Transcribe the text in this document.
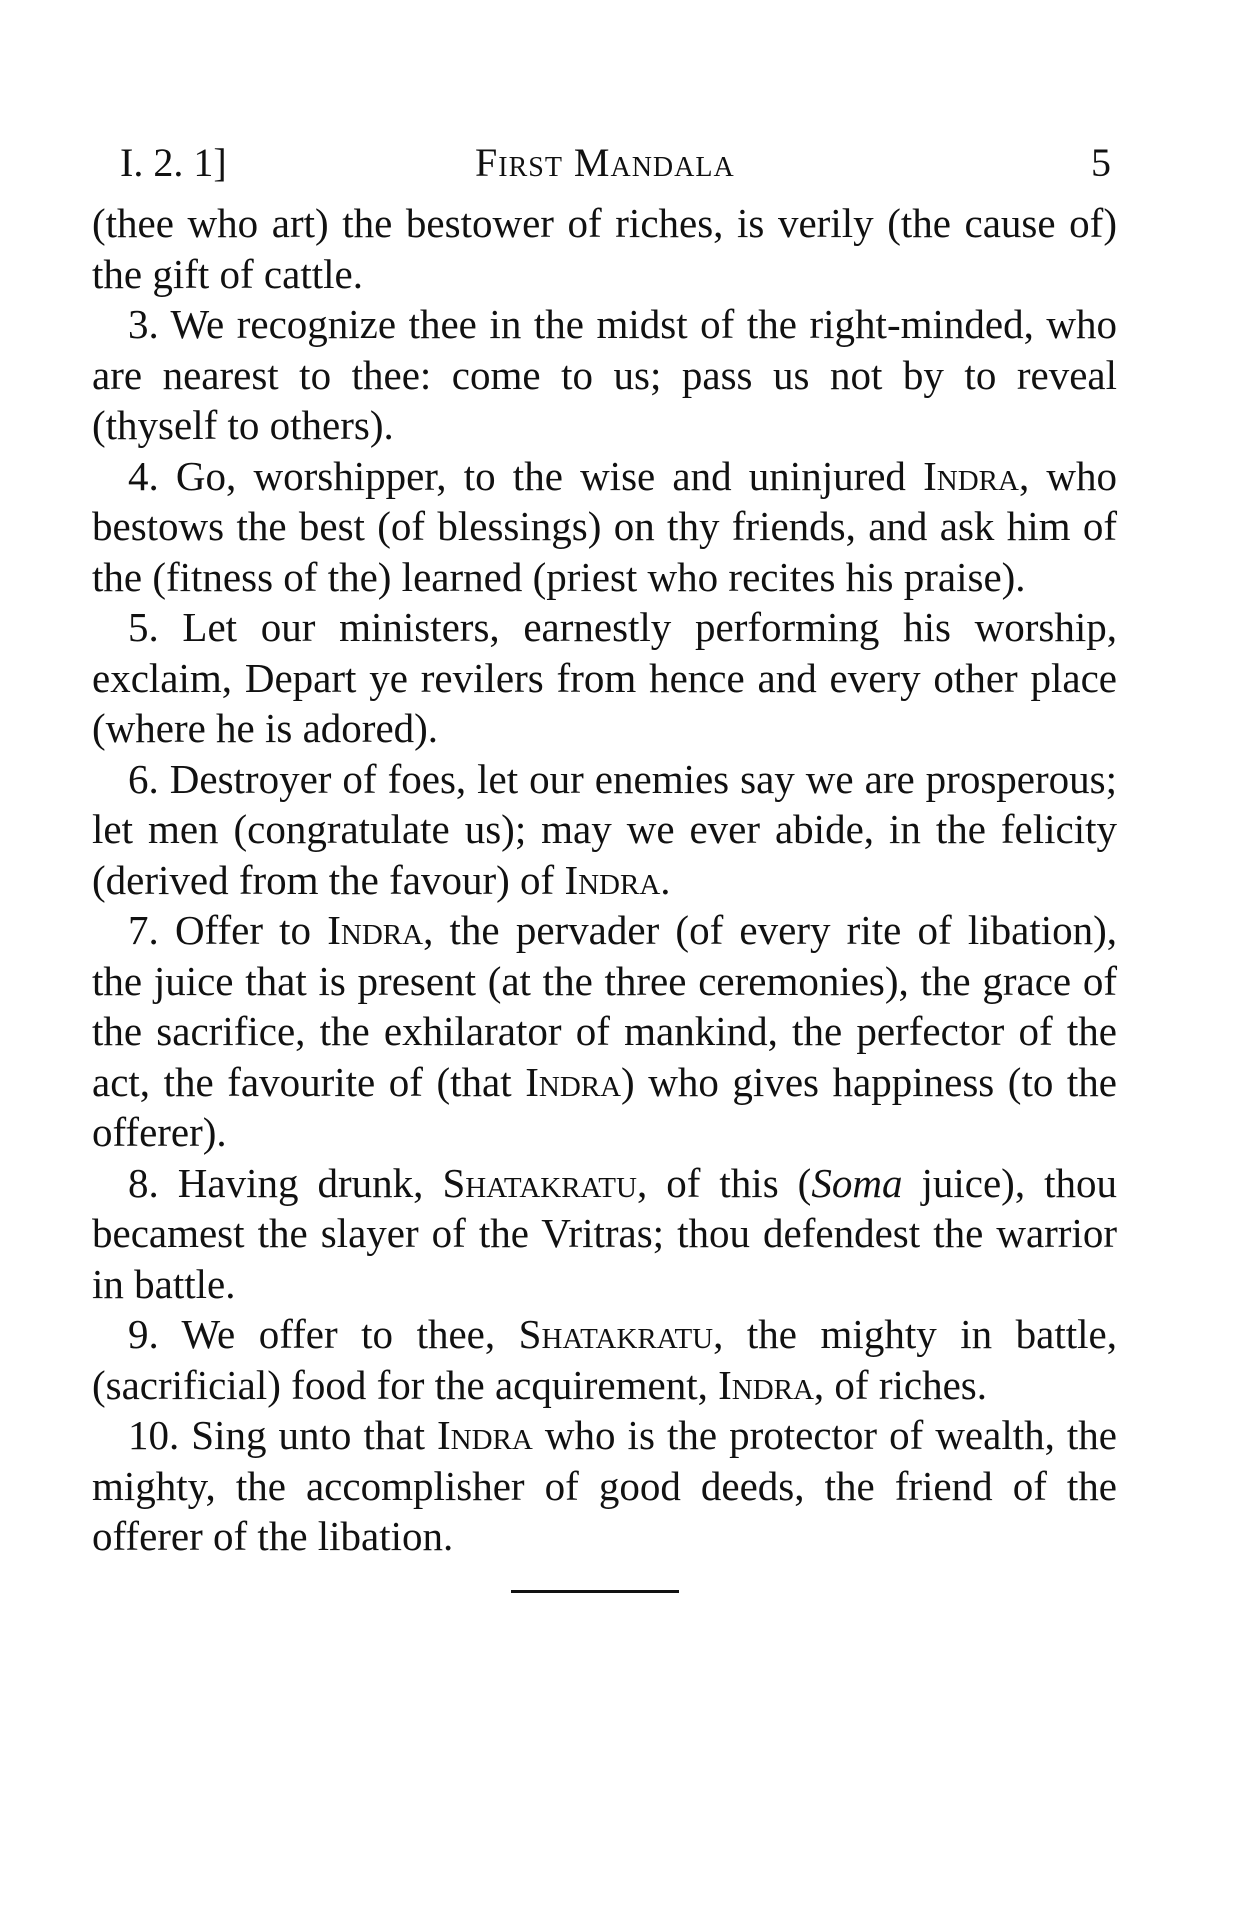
I. 2. 1]	First Mandala	5

(thee who art) the bestower of riches, is verily (the cause of) the gift of cattle.

3. We recognize thee in the midst of the right-minded, who are nearest to thee: come to us; pass us not by to reveal (thyself to others).

4. Go, worshipper, to the wise and uninjured Indra, who bestows the best (of blessings) on thy friends, and ask him of the (fitness of the) learned (priest who recites his praise).

5. Let our ministers, earnestly performing his worship, exclaim, Depart ye revilers from hence and every other place (where he is adored).

6. Destroyer of foes, let our enemies say we are prosperous; let men (congratulate us); may we ever abide, in the felicity (derived from the favour) of Indra.

7. Offer to Indra, the pervader (of every rite of libation), the juice that is present (at the three ceremonies), the grace of the sacrifice, the exhilarator of mankind, the perfector of the act, the favourite of (that Indra) who gives happiness (to the offerer).

8. Having drunk, Shatakratu, of this (Soma juice), thou becamest the slayer of the Vritras; thou defendest the warrior in battle.

9. We offer to thee, Shatakratu, the mighty in battle, (sacrificial) food for the acquirement, Indra, of riches.

10. Sing unto that Indra who is the protector of wealth, the mighty, the accomplisher of good deeds, the friend of the offerer of the libation.
